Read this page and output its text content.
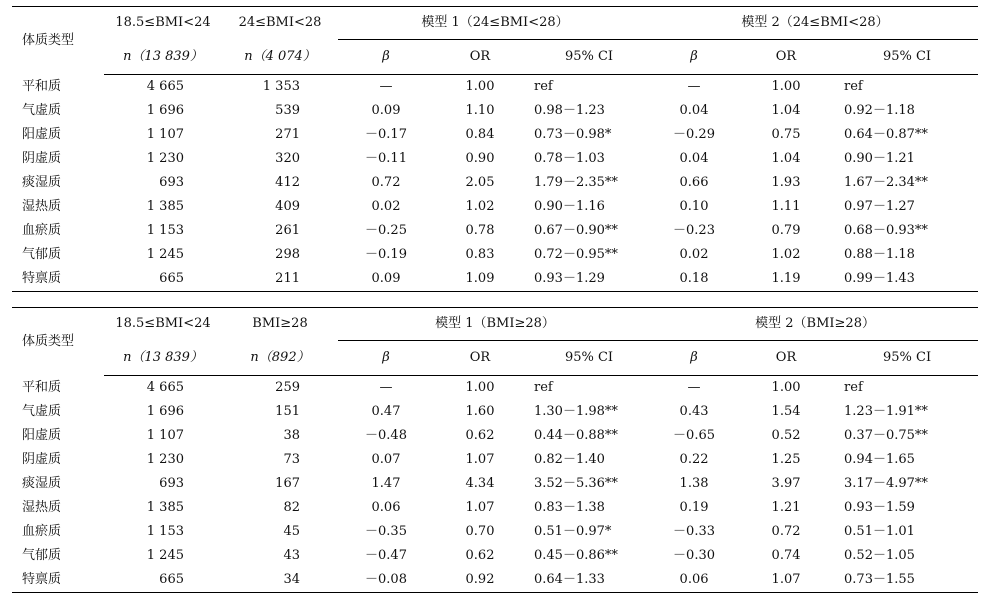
体质类型	18.5≤BMI<24	24≤BMI<28	模型 1（24≤BMI<28）			模型 2（24≤BMI<28）		
	n（13 839）	n（4 074）	β	OR	95% CI	β	OR	95% CI
平和质	4 665	1 353	—	1.00	ref	—	1.00	ref
气虚质	1 696	539	0.09	1.10	0.98－1.23	0.04	1.04	0.92－1.18
阳虚质	1 107	271	－0.17	0.84	0.73－0.98*	－0.29	0.75	0.64－0.87**
阴虚质	1 230	320	－0.11	0.90	0.78－1.03	0.04	1.04	0.90－1.21
痰湿质	693	412	0.72	2.05	1.79－2.35**	0.66	1.93	1.67－2.34**
湿热质	1 385	409	0.02	1.02	0.90－1.16	0.10	1.11	0.97－1.27
血瘀质	1 153	261	－0.25	0.78	0.67－0.90**	－0.23	0.79	0.68－0.93**
气郁质	1 245	298	－0.19	0.83	0.72－0.95**	0.02	1.02	0.88－1.18
特禀质	665	211	0.09	1.09	0.93－1.29	0.18	1.19	0.99－1.43
体质类型	18.5≤BMI<24	BMI≥28	模型 1（BMI≥28）			模型 2（BMI≥28）		
	n（13 839）	n（892）	β	OR	95% CI	β	OR	95% CI
平和质	4 665	259	—	1.00	ref	—	1.00	ref
气虚质	1 696	151	0.47	1.60	1.30－1.98**	0.43	1.54	1.23－1.91**
阳虚质	1 107	38	－0.48	0.62	0.44－0.88**	－0.65	0.52	0.37－0.75**
阴虚质	1 230	73	0.07	1.07	0.82－1.40	0.22	1.25	0.94－1.65
痰湿质	693	167	1.47	4.34	3.52－5.36**	1.38	3.97	3.17－4.97**
湿热质	1 385	82	0.06	1.07	0.83－1.38	0.19	1.21	0.93－1.59
血瘀质	1 153	45	－0.35	0.70	0.51－0.97*	－0.33	0.72	0.51－1.01
气郁质	1 245	43	－0.47	0.62	0.45－0.86**	－0.30	0.74	0.52－1.05
特禀质	665	34	－0.08	0.92	0.64－1.33	0.06	1.07	0.73－1.55
